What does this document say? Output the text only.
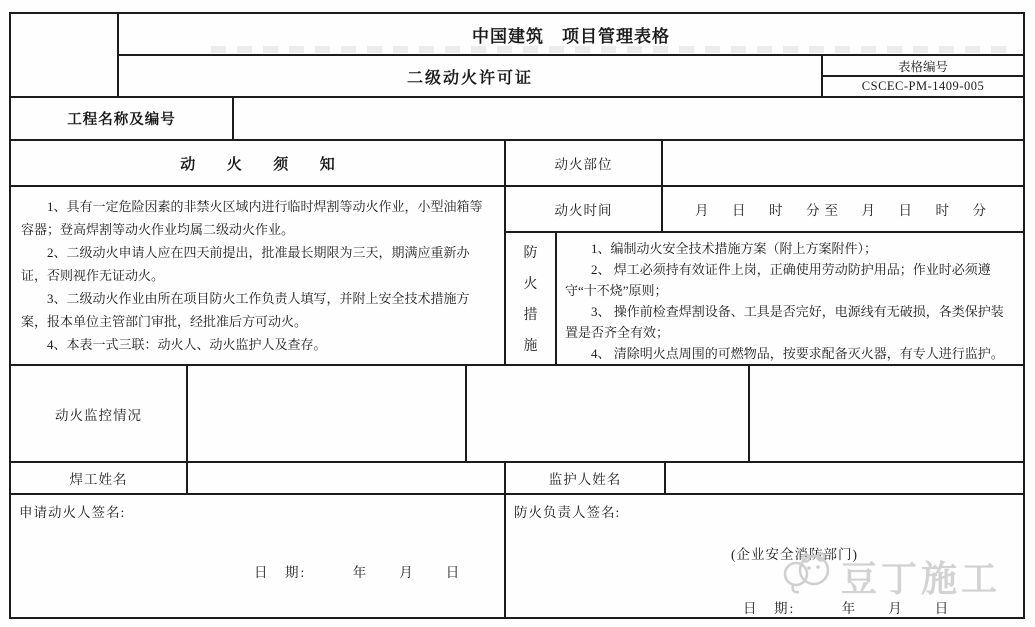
中国建筑　项目管理表格
二级动火许可证
表格编号
CSCEC-PM-1409-005
工程名称及编号
动　火　须　知

1、具有一定危险因素的非禁火区域内进行临时焊割等动火作业，小型油箱等容器；登高焊割等动火作业均属二级动火作业。

2、二级动火申请人应在四天前提出，批准最长期限为三天，期满应重新办证，否则视作无证动火。

3、二级动火作业由所在项目防火工作负责人填写，并附上安全技术措施方案，报本单位主管部门审批，经批准后方可动火。

4、本表一式三联：动火人、动火监护人及查存。

动火部位
动火时间	月　日　时　分至　月　日　时　分
防
火
措
施

1、编制动火安全技术措施方案（附上方案附件）；

2、 焊工必须持有效证件上岗，正确使用劳动防护用品；作业时必须遵守“十不烧”原则；

3、 操作前检查焊割设备、工具是否完好，电源线有无破损，各类保护装置是否齐全有效；

4、 清除明火点周围的可燃物品，按要求配备灭火器，有专人进行监护。

动火监控情况
焊工姓名	监护人姓名
申请动火人签名:
日　期:　　　年　　月　　日
防火负责人签名:
(企业安全消防部门)
日　期:　　　年　　月　　日
豆丁施工
